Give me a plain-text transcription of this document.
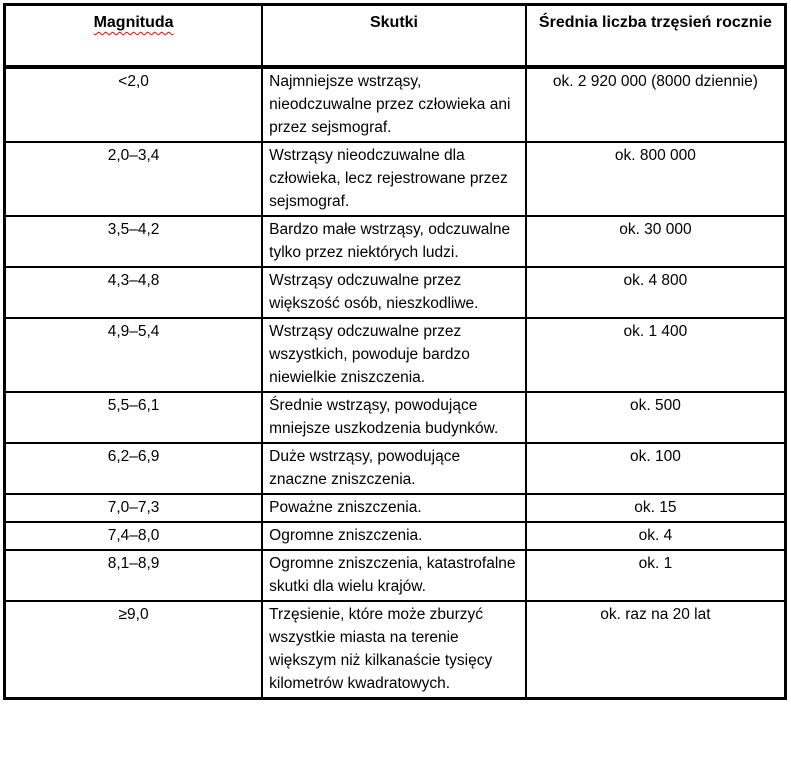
Magnituda	Skutki	Średnia liczba trzęsień rocznie
<2,0	Najmniejsze wstrząsy, nieodczuwalne przez człowieka ani przez sejsmograf.	ok. 2 920 000 (8000 dziennie)
2,0–3,4	Wstrząsy nieodczuwalne dla człowieka, lecz rejestrowane przez sejsmograf.	ok. 800 000
3,5–4,2	Bardzo małe wstrząsy, odczuwalne tylko przez niektórych ludzi.	ok. 30 000
4,3–4,8	Wstrząsy odczuwalne przez większość osób, nieszkodliwe.	ok. 4 800
4,9–5,4	Wstrząsy odczuwalne przez wszystkich, powoduje bardzo niewielkie zniszczenia.	ok. 1 400
5,5–6,1	Średnie wstrząsy, powodujące mniejsze uszkodzenia budynków.	ok. 500
6,2–6,9	Duże wstrząsy, powodujące znaczne zniszczenia.	ok. 100
7,0–7,3	Poważne zniszczenia.	ok. 15
7,4–8,0	Ogromne zniszczenia.	ok. 4
8,1–8,9	Ogromne zniszczenia, katastrofalne skutki dla wielu krajów.	ok. 1
≥9,0	Trzęsienie, które może zburzyć wszystkie miasta na terenie większym niż kilkanaście tysięcy kilometrów kwadratowych.	ok. raz na 20 lat
